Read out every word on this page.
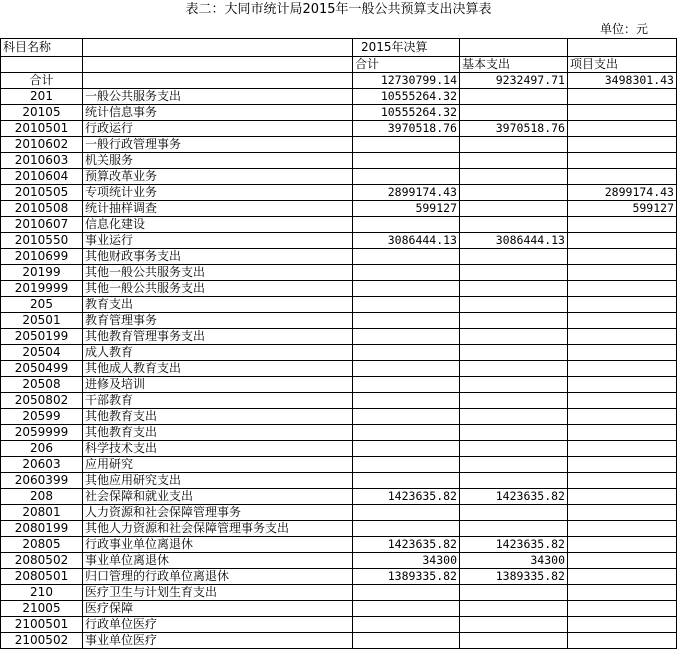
表二：大同市统计局2015年一般公共预算支出决算表
单位：元
科目名称		2015年决算		
		合计	基本支出	项目支出
合计		12730799.14	9232497.71	3498301.43
201	一般公共服务支出	10555264.32		
20105	统计信息事务	10555264.32		
2010501	行政运行	3970518.76	3970518.76	
2010602	一般行政管理事务			
2010603	机关服务			
2010604	预算改革业务			
2010505	专项统计业务	2899174.43		2899174.43
2010508	统计抽样调查	599127		599127
2010607	信息化建设			
2010550	事业运行	3086444.13	3086444.13	
2010699	其他财政事务支出			
20199	其他一般公共服务支出			
2019999	其他一般公共服务支出			
205	教育支出			
20501	教育管理事务			
2050199	其他教育管理事务支出			
20504	成人教育			
2050499	其他成人教育支出			
20508	进修及培训			
2050802	干部教育			
20599	其他教育支出			
2059999	其他教育支出			
206	科学技术支出			
20603	应用研究			
2060399	其他应用研究支出			
208	社会保障和就业支出	1423635.82	1423635.82	
20801	人力资源和社会保障管理事务			
2080199	其他人力资源和社会保障管理事务支出			
20805	行政事业单位离退休	1423635.82	1423635.82	
2080502	事业单位离退休	34300	34300	
2080501	归口管理的行政单位离退休	1389335.82	1389335.82	
210	医疗卫生与计划生育支出			
21005	医疗保障			
2100501	行政单位医疗			
2100502	事业单位医疗			
